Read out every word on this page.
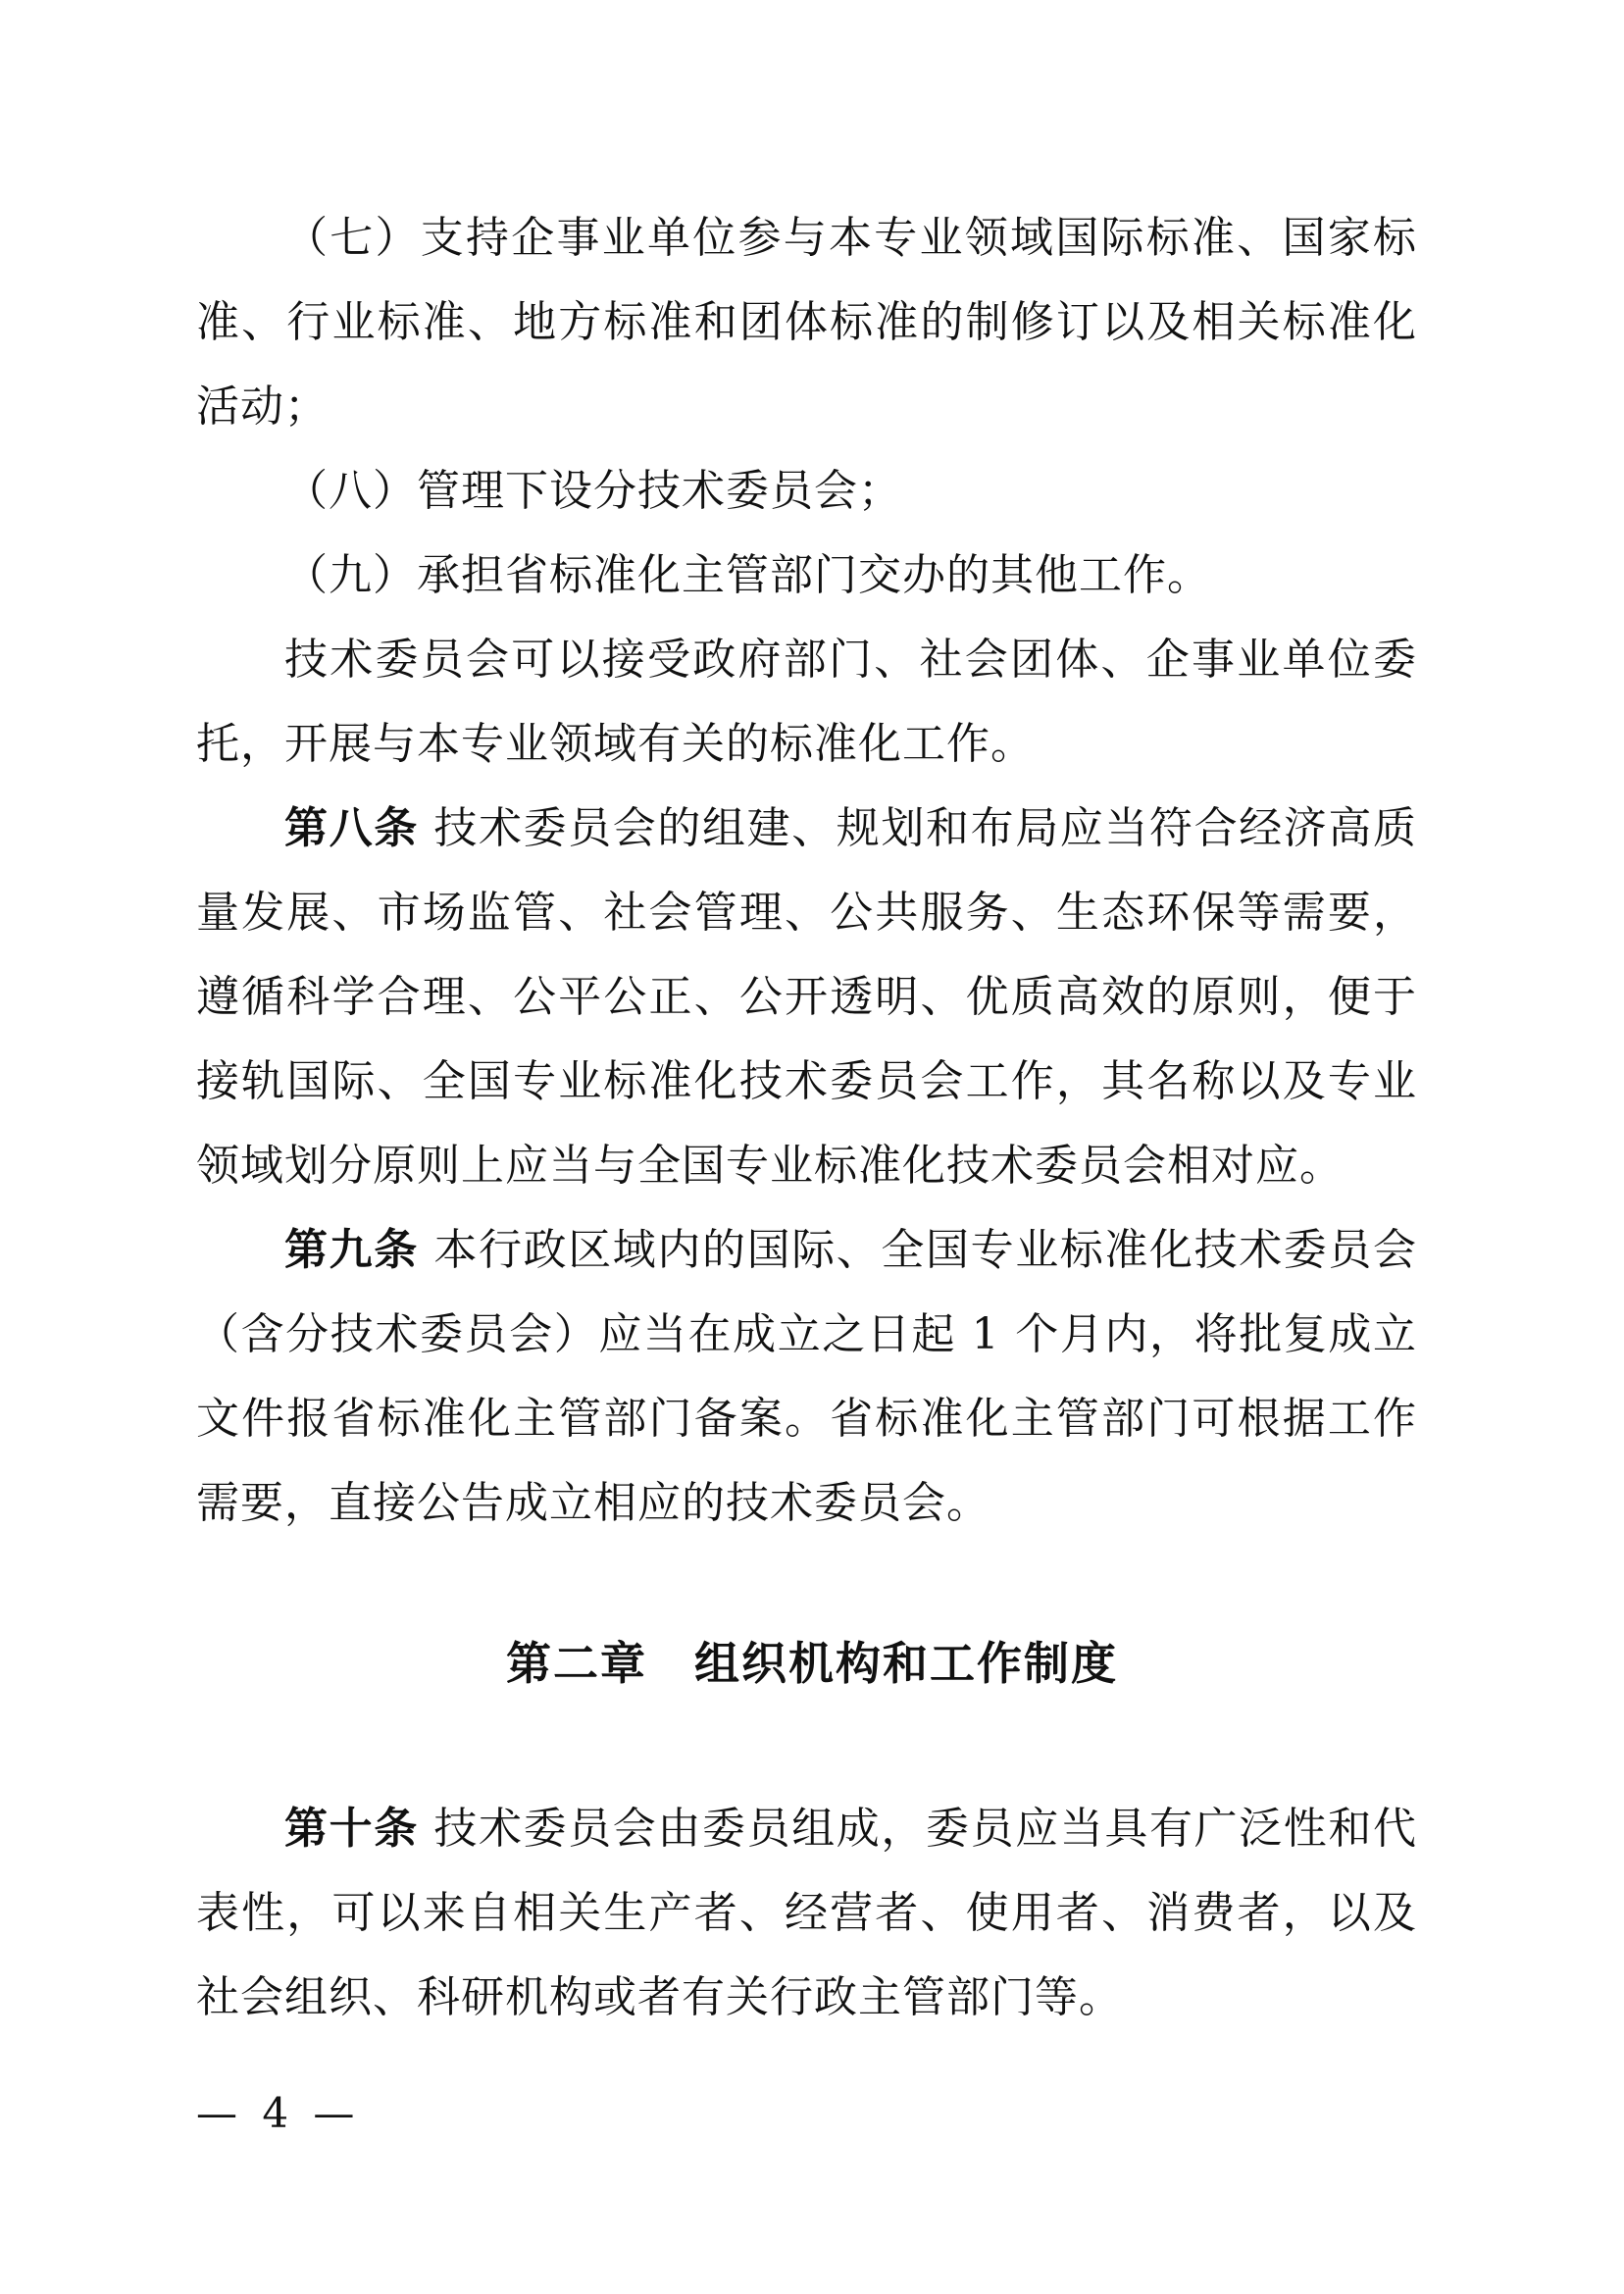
（七）支持企事业单位参与本专业领域国际标准、国家标准、行业标准、地方标准和团体标准的制修订以及相关标准化活动；

（八）管理下设分技术委员会；

（九）承担省标准化主管部门交办的其他工作。

技术委员会可以接受政府部门、社会团体、企事业单位委托，开展与本专业领域有关的标准化工作。

第八条 技术委员会的组建、规划和布局应当符合经济高质量发展、市场监管、社会管理、公共服务、生态环保等需要，遵循科学合理、公平公正、公开透明、优质高效的原则，便于接轨国际、全国专业标准化技术委员会工作，其名称以及专业领域划分原则上应当与全国专业标准化技术委员会相对应。

第九条 本行政区域内的国际、全国专业标准化技术委员会（含分技术委员会）应当在成立之日起 1 个月内，将批复成立文件报省标准化主管部门备案。省标准化主管部门可根据工作需要，直接公告成立相应的技术委员会。

第二章　组织机构和工作制度

第十条 技术委员会由委员组成，委员应当具有广泛性和代表性，可以来自相关生产者、经营者、使用者、消费者，以及社会组织、科研机构或者有关行政主管部门等。

— 4 —
